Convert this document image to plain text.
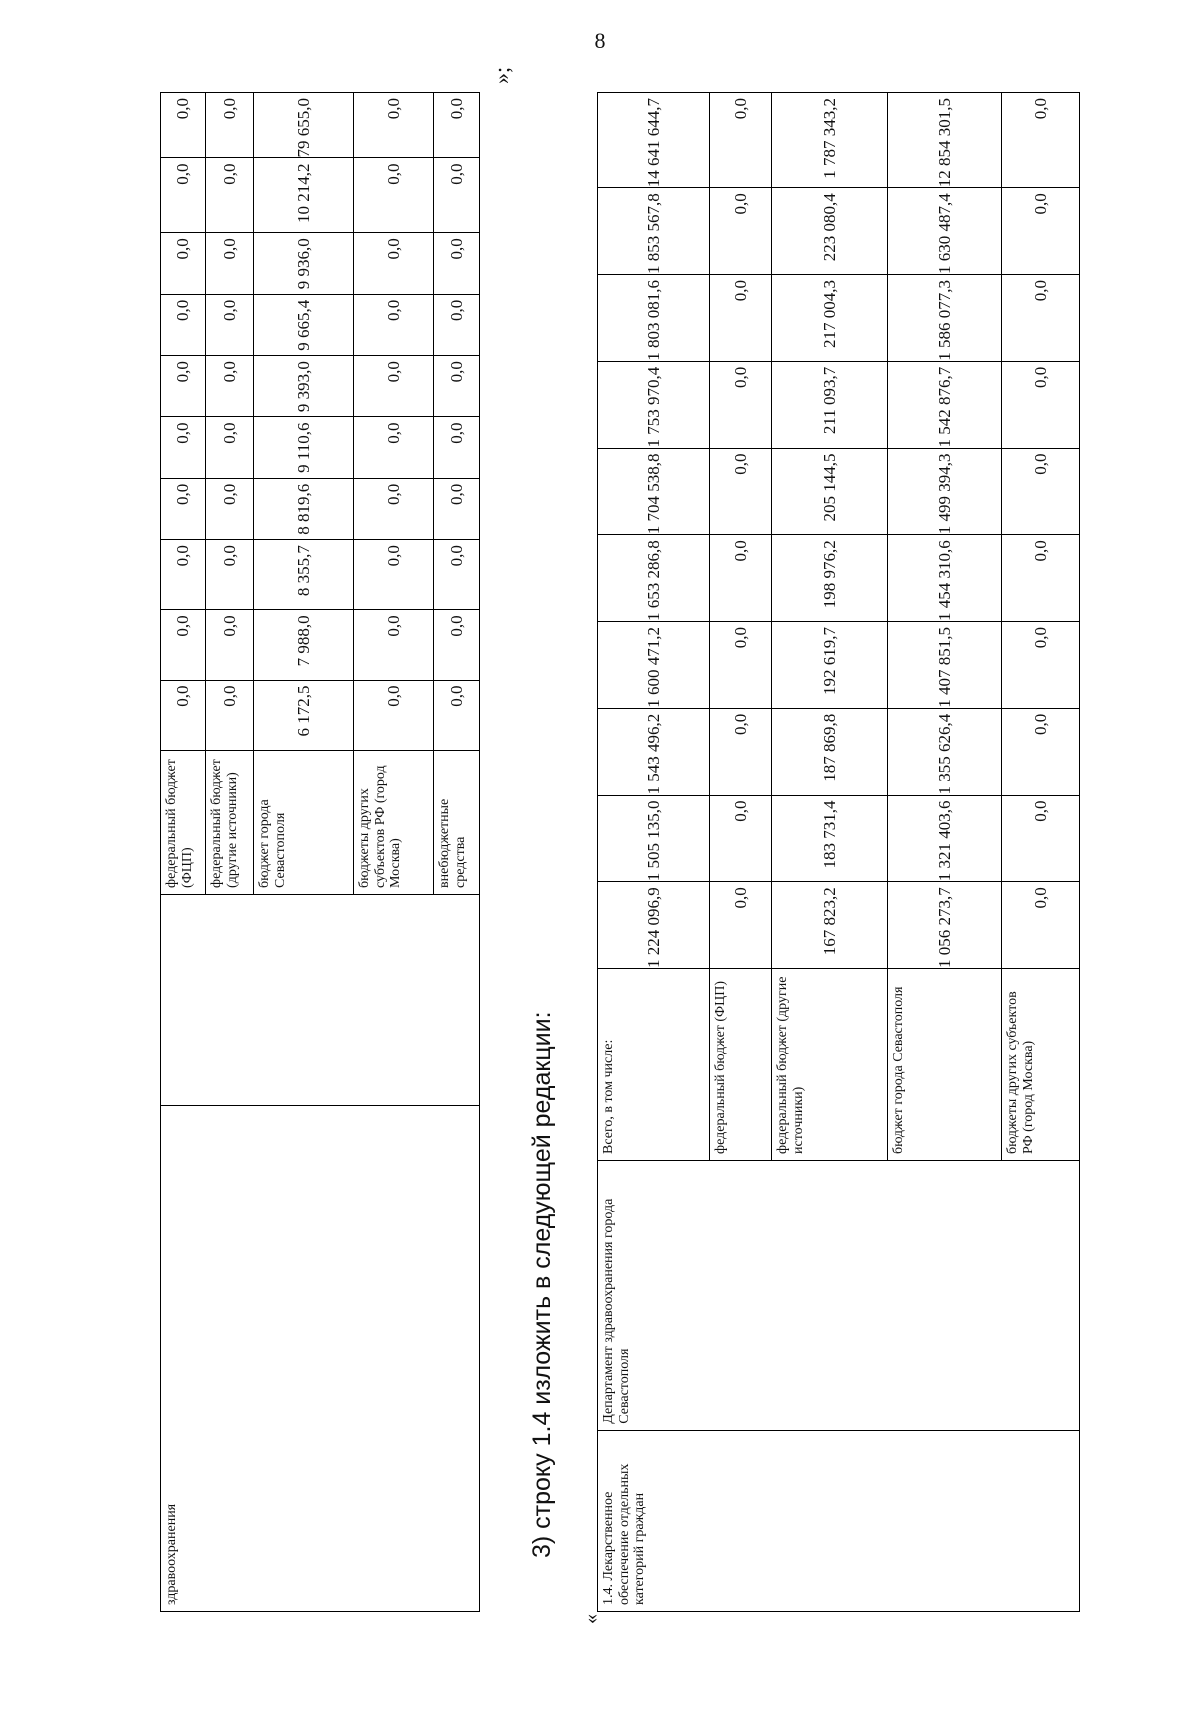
8
здравоохранения		федеральный бюджет (ФЦП)	0,0	0,0	0,0	0,0	0,0	0,0	0,0	0,0	0,0	0,0
		федеральный бюджет (другие источники)	0,0	0,0	0,0	0,0	0,0	0,0	0,0	0,0	0,0	0,0
		бюджет города Севастополя	6 172,5	7 988,0	8 355,7	8 819,6	9 110,6	9 393,0	9 665,4	9 936,0	10 214,2	79 655,0
		бюджеты других субъектов РФ (город Москва)	0,0	0,0	0,0	0,0	0,0	0,0	0,0	0,0	0,0	0,0
		внебюджетные средства	0,0	0,0	0,0	0,0	0,0	0,0	0,0	0,0	0,0	0,0
»;
3) строку 1.4 изложить в следующей редакции:
«
1.4. Лекарственное обеспечение отдельных категорий граждан	Департамент здравоохранения города Севастополя	Всего, в том числе:	1 224 096,9	1 505 135,0	1 543 496,2	1 600 471,2	1 653 286,8	1 704 538,8	1 753 970,4	1 803 081,6	1 853 567,8	14 641 644,7
		федеральный бюджет (ФЦП)	0,0	0,0	0,0	0,0	0,0	0,0	0,0	0,0	0,0	0,0
		федеральный бюджет (другие источники)	167 823,2	183 731,4	187 869,8	192 619,7	198 976,2	205 144,5	211 093,7	217 004,3	223 080,4	1 787 343,2
		бюджет города Севастополя	1 056 273,7	1 321 403,6	1 355 626,4	1 407 851,5	1 454 310,6	1 499 394,3	1 542 876,7	1 586 077,3	1 630 487,4	12 854 301,5
		бюджеты других субъектов РФ (город Москва)	0,0	0,0	0,0	0,0	0,0	0,0	0,0	0,0	0,0	0,0
